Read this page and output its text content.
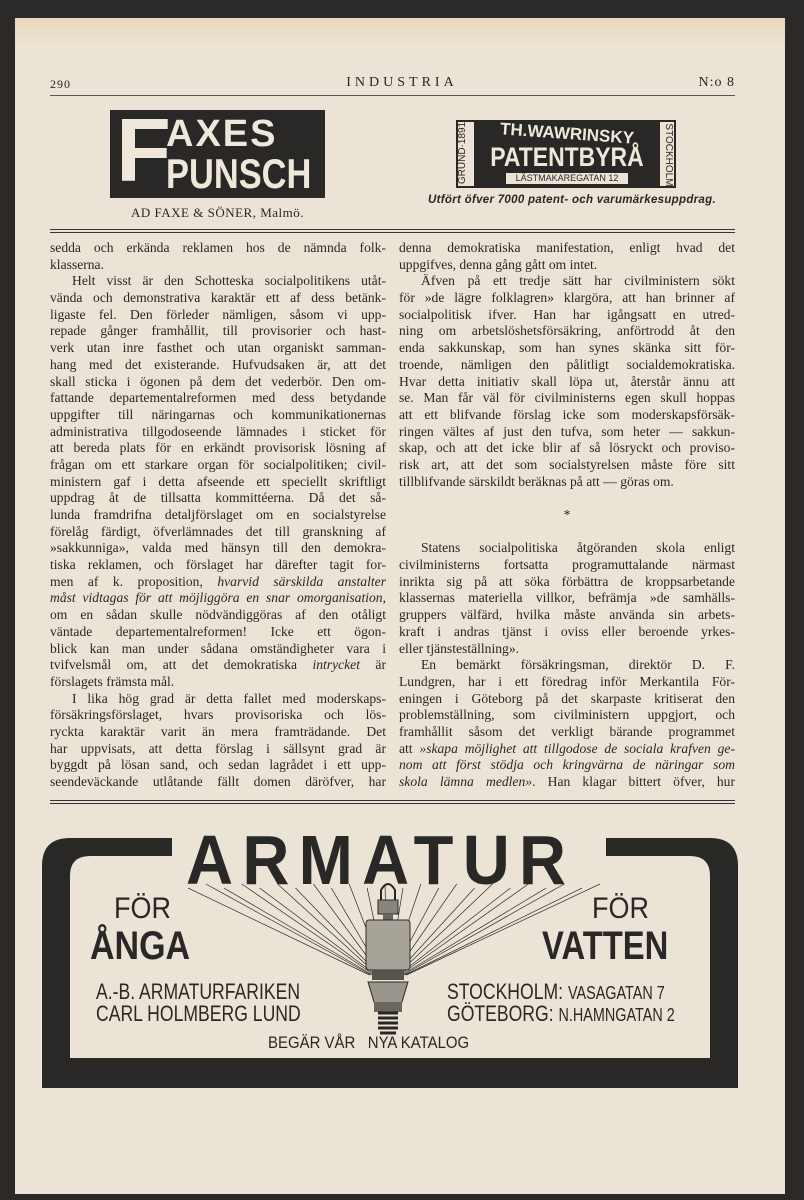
290	INDUSTRIA	N:o 8
F
AXES
PUNSCH
AD FAXE & SÖNER, Malmö.
GRUND·1891	STOCKHOLM
TH.WAWRINSKY
PATENTBYRÅ
LÄSTMAKAREGATAN 12
Utfört öfver 7000 patent- och varumärkesuppdrag.
sedda och erkända reklamen hos de nämnda folk-
klasserna.
Helt visst är den Schotteska socialpolitikens utåt-
vända och demonstrativa karaktär ett af dess betänk-
ligaste fel. Den förleder nämligen, såsom vi upp-
repade gånger framhållit, till provisorier och hast-
verk utan inre fasthet och utan organiskt samman-
hang med det existerande. Hufvudsaken är, att det
skall sticka i ögonen på dem det vederbör. Den om-
fattande departementalreformen med dess betydande
uppgifter till näringarnas och kommunikationernas
administrativa tillgodoseende lämnades i sticket för
att bereda plats för en erkändt provisorisk lösning af
frågan om ett starkare organ för socialpolitiken; civil-
ministern gaf i detta afseende ett speciellt skriftligt
uppdrag åt de tillsatta kommittéerna. Då det så-
lunda framdrifna detaljförslaget om en socialstyrelse
förelåg färdigt, öfverlämnades det till granskning af
»sakkunniga», valda med hänsyn till den demokra-
tiska reklamen, och förslaget har därefter tagit for-
men af k. proposition, hvarvid särskilda anstalter
måst vidtagas för att möjliggöra en snar omorganisation,
om en sådan skulle nödvändiggöras af den otåligt
väntade departementalreformen! Icke ett ögon-
blick kan man under sådana omständigheter vara i
tvifvelsmål om, att det demokratiska intrycket är
förslagets främsta mål.
I lika hög grad är detta fallet med moderskaps-
försäkringsförslaget, hvars provisoriska och lös-
ryckta karaktär varit än mera framträdande. Det
har uppvisats, att detta förslag i sällsynt grad är
byggdt på lösan sand, och sedan lagrådet i ett upp-
seendeväckande utlåtande fällt domen däröfver, har
denna demokratiska manifestation, enligt hvad det
uppgifves, denna gång gått om intet.
Äfven på ett tredje sätt har civilministern sökt
för »de lägre folklagren» klargöra, att han brinner af
socialpolitisk ifver. Han har igångsatt en utred-
ning om arbetslöshetsförsäkring, anförtrodd åt den
enda sakkunskap, som han synes skänka sitt för-
troende, nämligen den pålitligt socialdemokratiska.
Hvar detta initiativ skall löpa ut, återstår ännu att
se. Man får väl för civilministerns egen skull hoppas
att ett blifvande förslag icke som moderskapsförsäk-
ringen vältes af just den tufva, som heter — sakkun-
skap, och att det icke blir af så lösryckt och proviso-
risk art, att det som socialstyrelsen måste före sitt
tillblifvande särskildt beräknas på att — göras om.
*
Statens socialpolitiska åtgöranden skola enligt
civilministerns fortsatta programuttalande närmast
inrikta sig på att söka förbättra de kroppsarbetande
klassernas materiella villkor, befrämja »de samhälls-
gruppers välfärd, hvilka måste använda sin arbets-
kraft i andras tjänst i oviss eller beroende yrkes-
eller tjänsteställning».
En bemärkt försäkringsman, direktör D. F.
Lundgren, har i ett föredrag inför Merkantila För-
eningen i Göteborg på det skarpaste kritiserat den
problemställning, som civilministern uppgjort, och
framhållit såsom det verkligt bärande programmet
att »skapa möjlighet att tillgodose de sociala krafven ge-
nom att först stödja och kringvärna de näringar som
skola lämna medlen». Han klagar bittert öfver, hur
ARMATUR
FÖR
ÅNGA
FÖR
VATTEN
A.-B. ARMATURFARIKEN
CARL HOLMBERG LUND
STOCKHOLM: VASAGATAN 7
GÖTEBORG: N.HAMNGATAN 2
BEGÄR VÅR   NYA KATALOG
